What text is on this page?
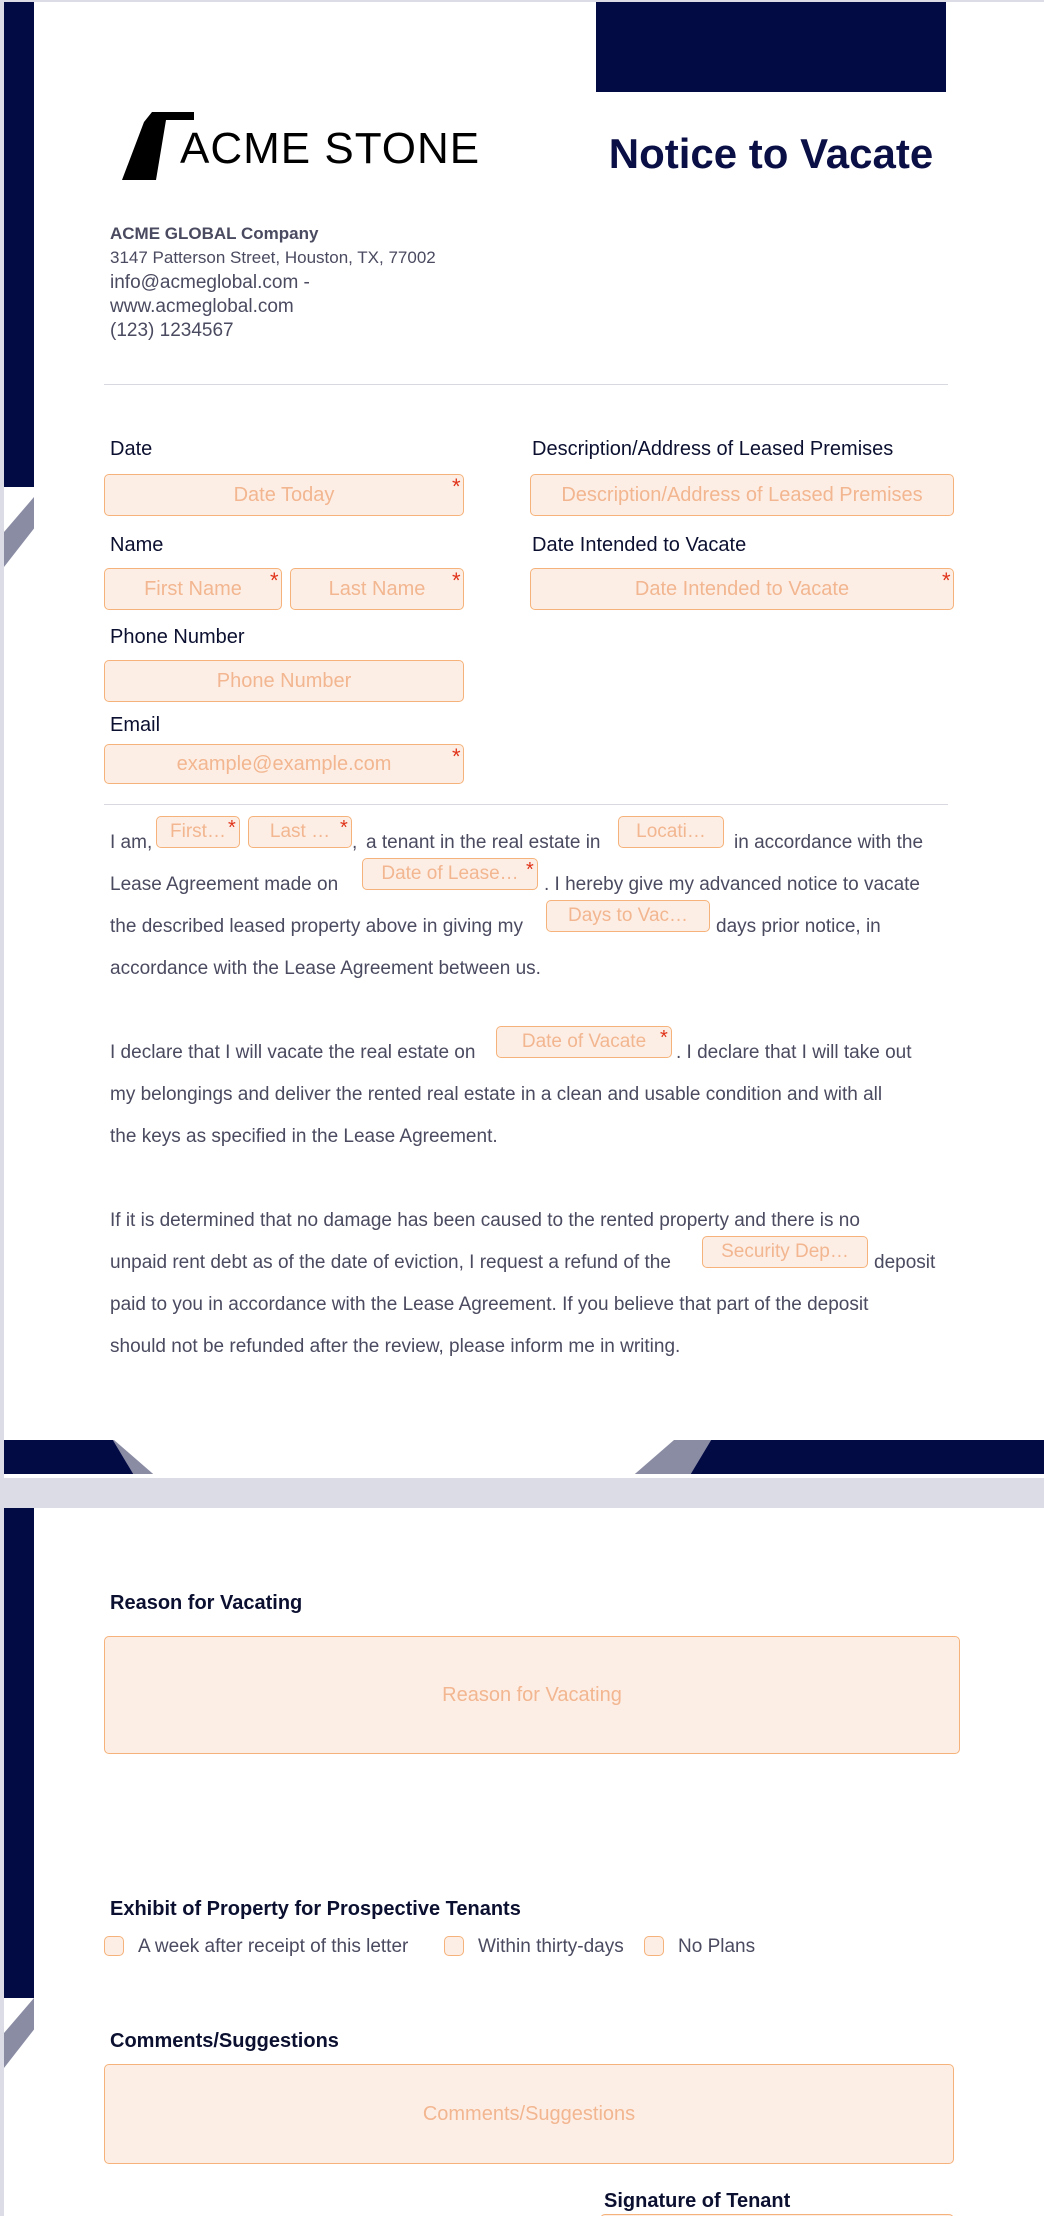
ACME STONE	Notice to Vacate
ACME GLOBAL Company
3147 Patterson Street, Houston, TX, 77002
info@acmeglobal.com -
www.acmeglobal.com
(123) 1234567
Date
Date Today	*
Description/Address of Leased Premises
Description/Address of Leased Premises
Name
First Name	*	Last Name	*
Date Intended to Vacate
Date Intended to Vacate	*
Phone Number
Phone Number
Email
example@example.com	*
I am,
First… *	Last … *
, a tenant in the real estate in
Locati…
in accordance with the
Lease Agreement made on
Date of Lease… *
. I hereby give my advanced notice to vacate
the described leased property above in giving my
Days to Vac…
days prior notice, in
accordance with the Lease Agreement between us.
I declare that I will vacate the real estate on
Date of Vacate *
. I declare that I will take out
my belongings and deliver the rented real estate in a clean and usable condition and with all
the keys as specified in the Lease Agreement.
If it is determined that no damage has been caused to the rented property and there is no
unpaid rent debt as of the date of eviction, I request a refund of the
Security Dep…
deposit
paid to you in accordance with the Lease Agreement. If you believe that part of the deposit
should not be refunded after the review, please inform me in writing.
Reason for Vacating
Reason for Vacating
Exhibit of Property for Prospective Tenants
A week after receipt of this letter	Within thirty-days	No Plans
Comments/Suggestions
Comments/Suggestions
Signature of Tenant
